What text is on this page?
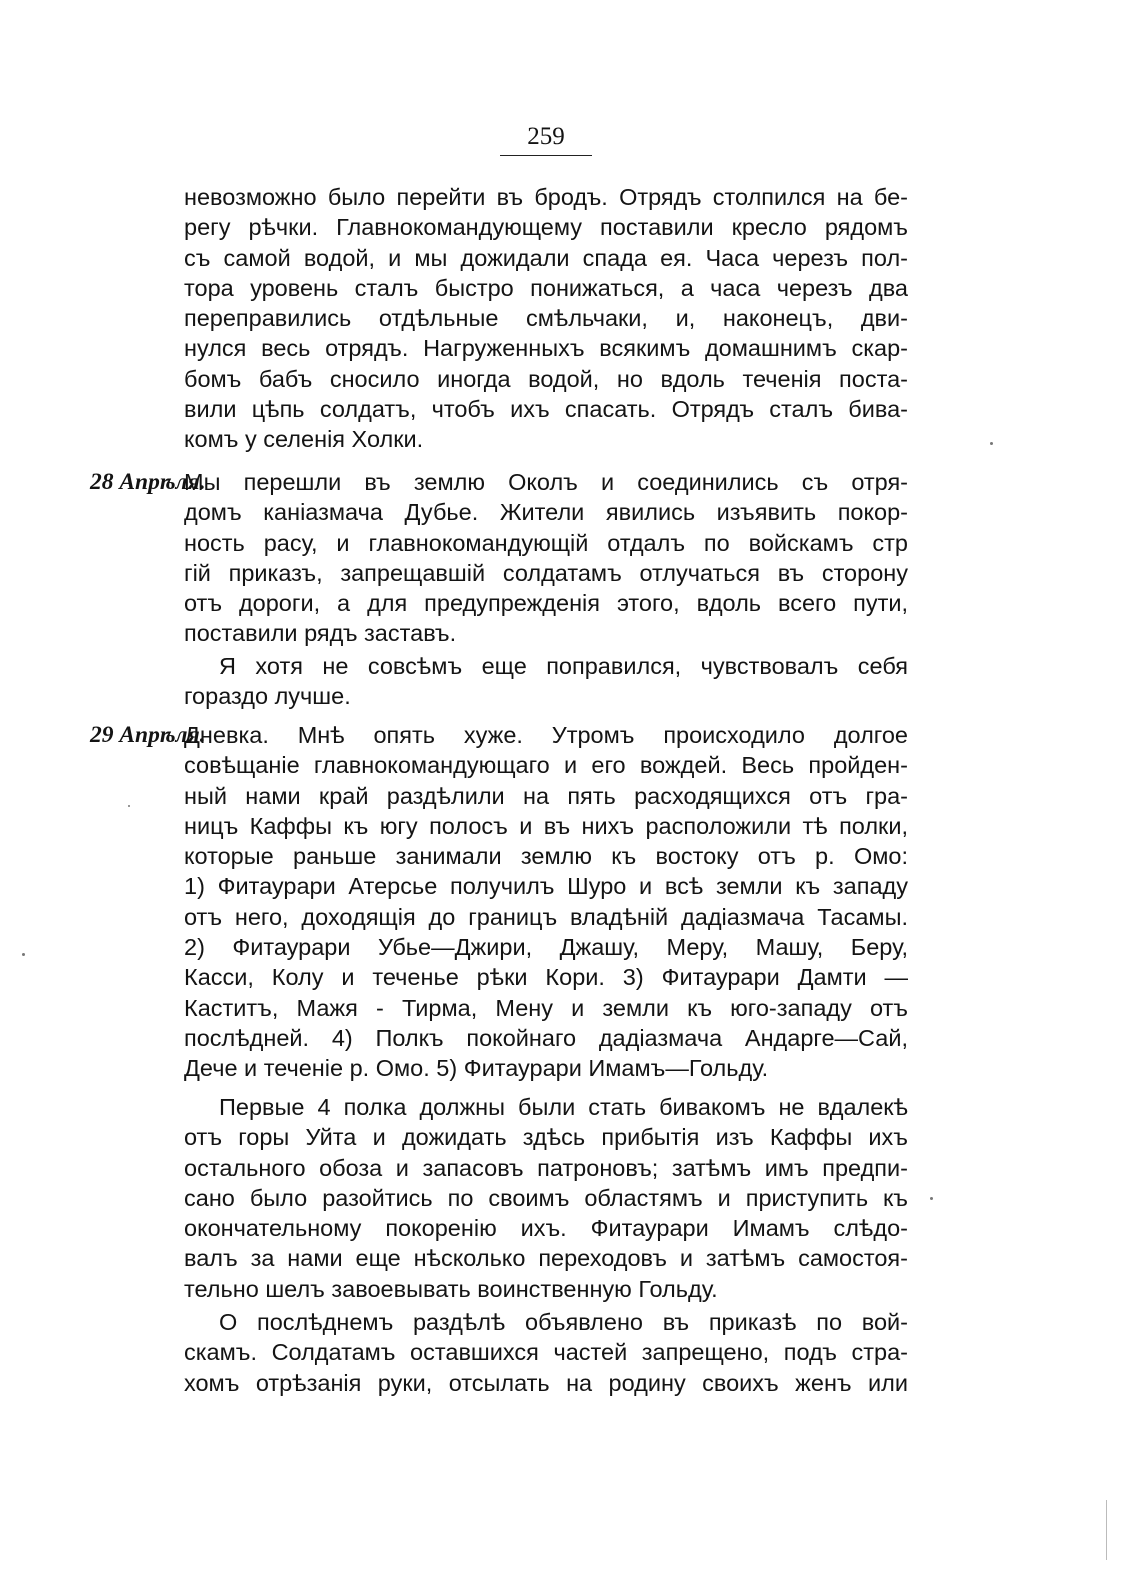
259
невозможно было перейти въ бродъ. Отрядъ столпился на бе-
регу рѣчки. Главнокомандующему поставили кресло рядомъ
съ самой водой, и мы дожидали спада ея. Часа черезъ пол-
тора уровень сталъ быстро понижаться, а часа черезъ два
переправились отдѣльные смѣльчаки, и, наконецъ, дви-
нулся весь отрядъ. Нагруженныхъ всякимъ домашнимъ скар-
бомъ бабъ сносило иногда водой, но вдоль теченія поста-
вили цѣпь солдатъ, чтобъ ихъ спасать. Отрядъ сталъ бива-
комъ у селенія Холки.
28 Апрѣля.
Мы перешли въ землю Околъ и соединились съ отря-
домъ каніазмача Дубье. Жители явились изъявить покор-
ность расу, и главнокомандующій отдалъ по войскамъ стр
гій приказъ, запрещавшій солдатамъ отлучаться въ сторону
отъ дороги, а для предупрежденія этого, вдоль всего пути,
поставили рядъ заставъ.
Я хотя не совсѣмъ еще поправился, чувствовалъ себя
гораздо лучше.
29 Апрѣля.
Дневка. Мнѣ опять хуже. Утромъ происходило долгое
совѣщаніе главнокомандующаго и его вождей. Весь пройден-
ный нами край раздѣлили на пять расходящихся отъ гра-
ницъ Каффы къ югу полосъ и въ нихъ расположили тѣ полки,
которые раньше занимали землю къ востоку отъ р. Омо:
1) Фитаурари Атерсье получилъ Шуро и всѣ земли къ западу
отъ него, доходящія до границъ владѣній дадіазмача Тасамы.
2) Фитаурари Убье—Джири, Джашу, Меру, Машу, Беру,
Касси, Колу и теченье рѣки Кори. 3) Фитаурари Дамти —
Каститъ, Мажя - Тирма, Мену и земли къ юго-западу отъ
послѣдней. 4) Полкъ покойнаго дадіазмача Андарге—Сай,
Дече и теченіе р. Омо. 5) Фитаурари Имамъ—Гольду.
Первые 4 полка должны были стать бивакомъ не вдалекѣ
отъ горы Уйта и дожидать здѣсь прибытія изъ Каффы ихъ
остального обоза и запасовъ патроновъ; затѣмъ имъ предпи-
сано было разойтись по своимъ областямъ и приступить къ
окончательному покоренію ихъ. Фитаурари Имамъ слѣдо-
валъ за нами еще нѣсколько переходовъ и затѣмъ самостоя-
тельно шелъ завоевывать воинственную Гольду.
О послѣднемъ раздѣлѣ объявлено въ приказѣ по вой-
скамъ. Солдатамъ оставшихся частей запрещено, подъ стра-
хомъ отрѣзанія руки, отсылать на родину своихъ женъ или
